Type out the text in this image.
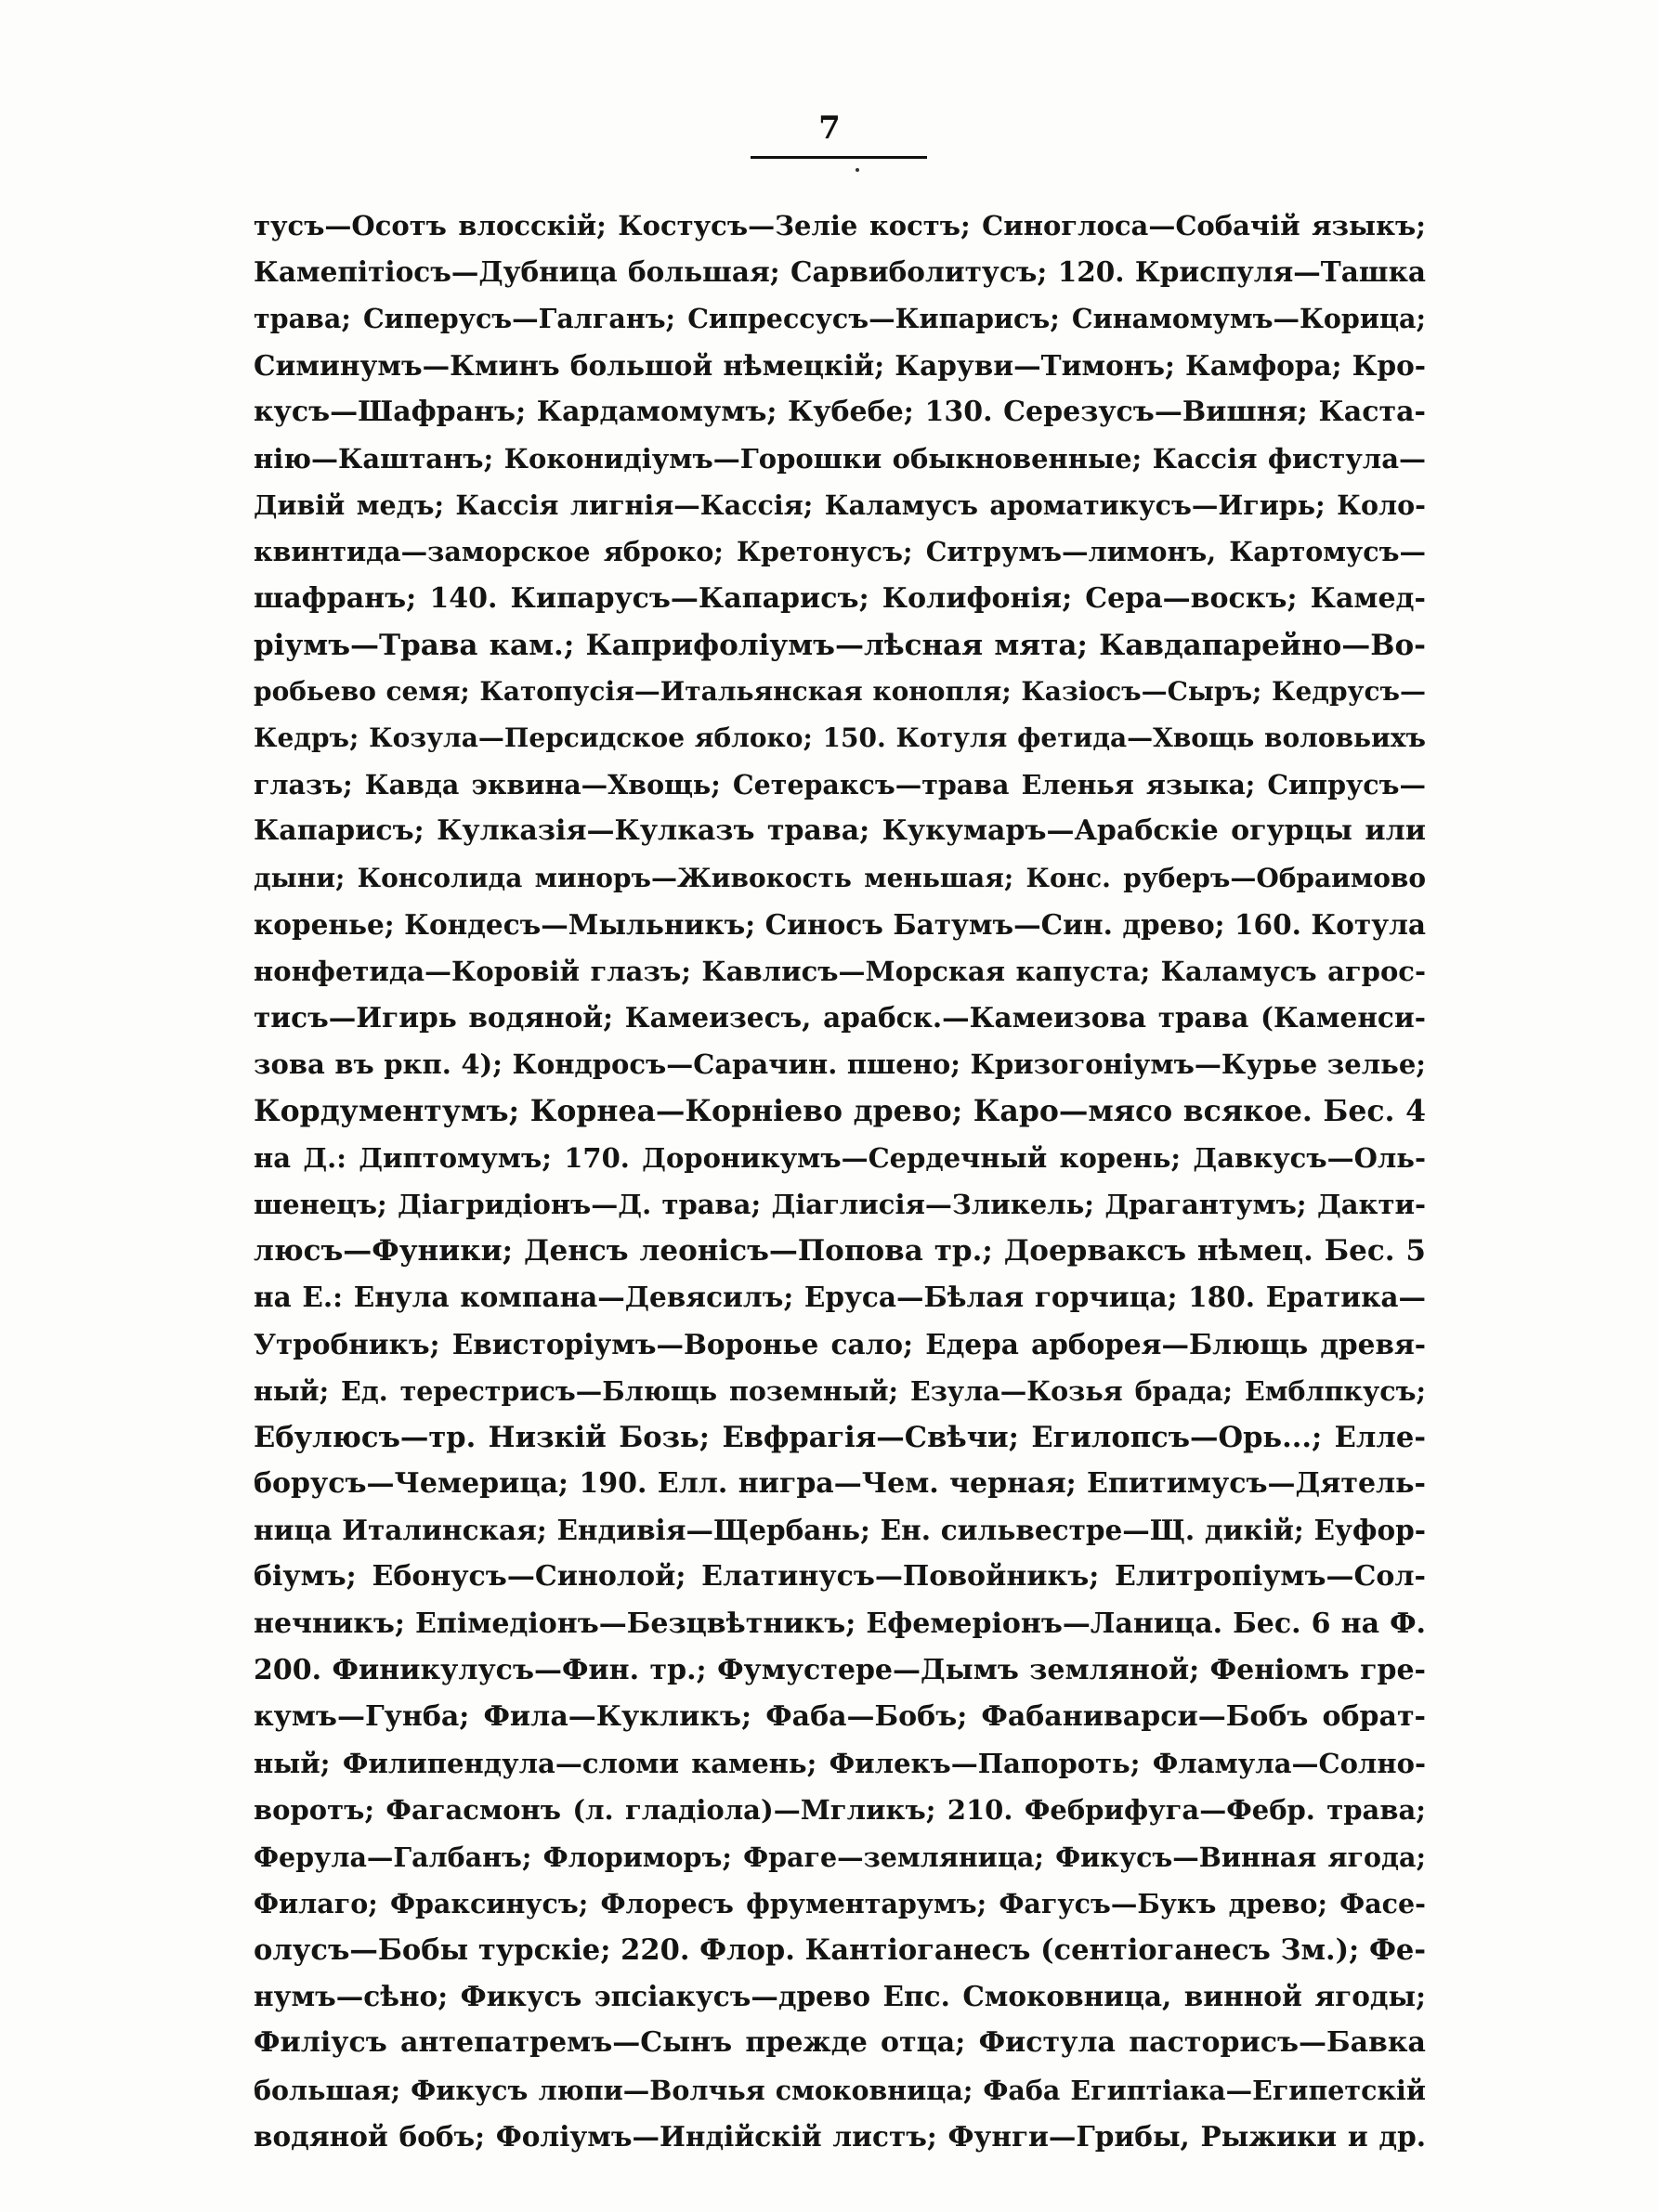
7
тусъ—Осотъ влосскій; Костусъ—Зеліе костъ; Синоглоса—Собачій языкъ;
Камепітіосъ—Дубница большая; Сарвиболитусъ; 120. Криспуля—Ташка
трава; Сиперусъ—Галганъ; Сипрессусъ—Кипарисъ; Синамомумъ—Корица;
Симинумъ—Кминъ большой нѣмецкій; Каруви—Тимонъ; Камфора; Кро-
кусъ—Шафранъ; Кардамомумъ; Кубебе; 130. Серезусъ—Вишня; Каста-
нію—Каштанъ; Коконидіумъ—Горошки обыкновенные; Кассія фистула—
Дивій медъ; Кассія лигнія—Кассія; Каламусъ ароматикусъ—Игирь; Коло-
квинтида—заморское яброко; Кретонусъ; Ситрумъ—лимонъ, Картомусъ—
шафранъ; 140. Кипарусъ—Капарисъ; Колифонія; Сера—воскъ; Камед-
ріумъ—Трава кам.; Каприфоліумъ—лѣсная мята; Кавдапарейно—Во-
робьево семя; Катопусія—Итальянская конопля; Казіосъ—Сыръ; Кедрусъ—
Кедръ; Козула—Персидское яблоко; 150. Котуля фетида—Хвощь воловьихъ
глазъ; Кавда эквина—Хвощь; Сетераксъ—трава Еленья языка; Сипрусъ—
Капарисъ; Кулказія—Кулказъ трава; Кукумаръ—Арабскіе огурцы или
дыни; Консолида миноръ—Живокость меньшая; Конс. руберъ—Обраимово
коренье; Кондесъ—Мыльникъ; Синосъ Батумъ—Син. древо; 160. Котула
нонфетида—Коровій глазъ; Кавлисъ—Морская капуста; Каламусъ агрос-
тисъ—Игирь водяной; Камеизесъ, арабск.—Камеизова трава (Каменси-
зова въ ркп. 4); Кондросъ—Сарачин. пшено; Кризогоніумъ—Курье зелье;
Кордументумъ; Корнеа—Корніево древо; Каро—мясо всякое. Бес. 4
на Д.: Диптомумъ; 170. Дороникумъ—Сердечный корень; Давкусъ—Оль-
шенецъ; Діагридіонъ—Д. трава; Діаглисія—Зликель; Драгантумъ; Дакти-
люсъ—Фуники; Денсъ леонісъ—Попова тр.; Доерваксъ нѣмец. Бес. 5
на Е.: Енула компана—Девясилъ; Еруса—Бѣлая горчица; 180. Ератика—
Утробникъ; Евисторіумъ—Воронье сало; Едера арборея—Блющь древя-
ный; Ед. терестрисъ—Блющь поземный; Езула—Козья брада; Емблпкусъ;
Ебулюсъ—тр. Низкій Бозь; Евфрагія—Свѣчи; Егилопсъ—Орь...; Елле-
борусъ—Чемерица; 190. Елл. нигра—Чем. черная; Епитимусъ—Дятель-
ница Италинская; Ендивія—Щербань; Ен. сильвестре—Щ. дикій; Еуфор-
біумъ; Ебонусъ—Синолой; Елатинусъ—Повойникъ; Елитропіумъ—Сол-
нечникъ; Епімедіонъ—Безцвѣтникъ; Ефемеріонъ—Ланица. Бес. 6 на Ф.
200. Финикулусъ—Фин. тр.; Фумустере—Дымъ земляной; Феніомъ гре-
кумъ—Гунба; Фила—Кукликъ; Фаба—Бобъ; Фабаниварси—Бобъ обрат-
ный; Филипендула—сломи камень; Филекъ—Папороть; Фламула—Солно-
воротъ; Фагасмонъ (л. гладіола)—Мгликъ; 210. Фебрифуга—Фебр. трава;
Ферула—Галбанъ; Флориморъ; Фраге—земляница; Фикусъ—Винная ягода;
Филаго; Фраксинусъ; Флоресъ фрументарумъ; Фагусъ—Букъ древо; Фасе-
олусъ—Бобы турскіе; 220. Флор. Кантіоганесъ (сентіоганесъ Зм.); Фе-
нумъ—сѣно; Фикусъ эпсіакусъ—древо Епс. Смоковница, винной ягоды;
Филіусъ антепатремъ—Сынъ прежде отца; Фистула пасторисъ—Бавка
большая; Фикусъ люпи—Волчья смоковница; Фаба Египтіака—Египетскій
водяной бобъ; Фоліумъ—Индійскій листъ; Фунги—Грибы, Рыжики и др.
